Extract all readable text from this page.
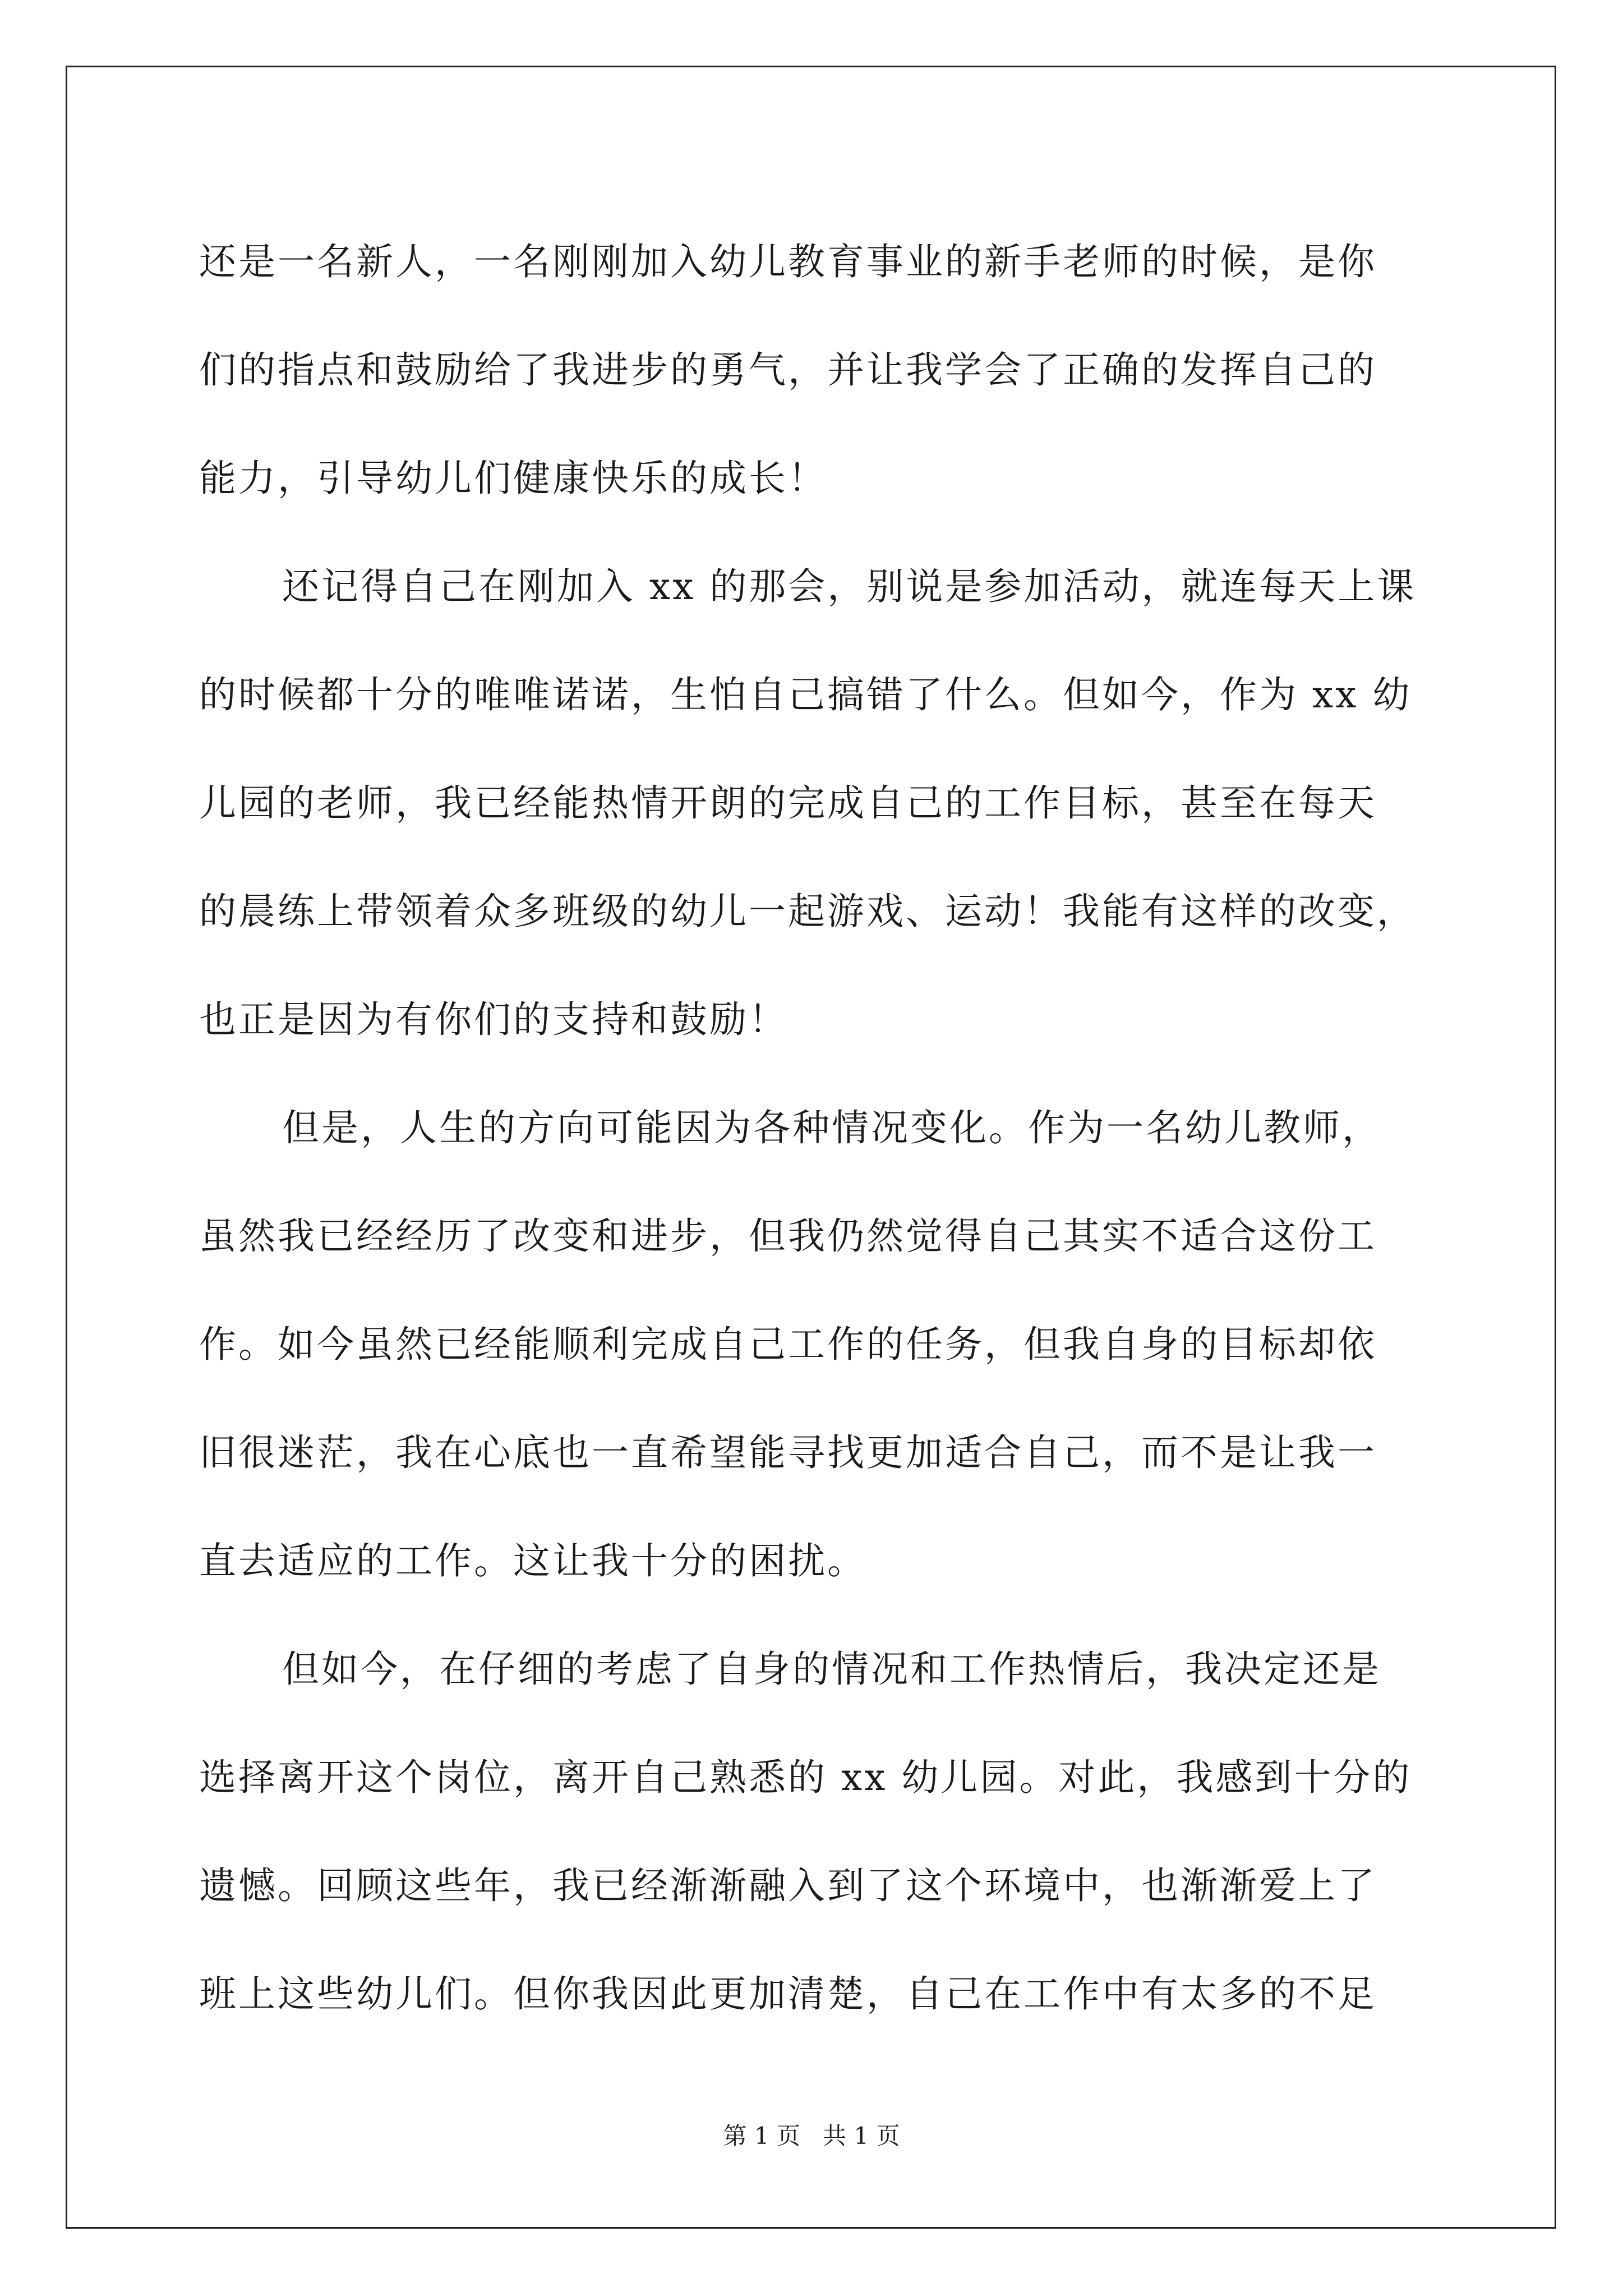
还是一名新人，一名刚刚加入幼儿教育事业的新手老师的时候，是你
们的指点和鼓励给了我进步的勇气，并让我学会了正确的发挥自己的
能力，引导幼儿们健康快乐的成长！
还记得自己在刚加入 xx 的那会，别说是参加活动，就连每天上课
的时候都十分的唯唯诺诺，生怕自己搞错了什么。但如今，作为 xx 幼
儿园的老师，我已经能热情开朗的完成自己的工作目标，甚至在每天
的晨练上带领着众多班级的幼儿一起游戏、运动！我能有这样的改变，
也正是因为有你们的支持和鼓励！
但是，人生的方向可能因为各种情况变化。作为一名幼儿教师，
虽然我已经经历了改变和进步，但我仍然觉得自己其实不适合这份工
作。如今虽然已经能顺利完成自己工作的任务，但我自身的目标却依
旧很迷茫，我在心底也一直希望能寻找更加适合自己，而不是让我一
直去适应的工作。这让我十分的困扰。
但如今，在仔细的考虑了自身的情况和工作热情后，我决定还是
选择离开这个岗位，离开自己熟悉的 xx 幼儿园。对此，我感到十分的
遗憾。回顾这些年，我已经渐渐融入到了这个环境中，也渐渐爱上了
班上这些幼儿们。但你我因此更加清楚，自己在工作中有太多的不足
第 1 页 共 1 页
